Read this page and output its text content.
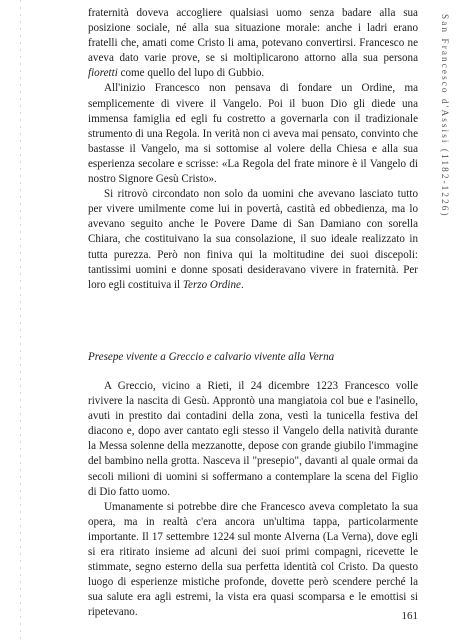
San Francesco d'Assisi (1182-1226)

fraternità doveva accogliere qualsiasi uomo senza badare alla sua posizione sociale, né alla sua situazione morale: anche i ladri erano fratelli che, amati come Cristo li ama, potevano convertirsi. Francesco ne aveva dato varie prove, se si moltiplicarono attorno alla sua persona fioretti come quello del lupo di Gubbio.

All'inizio Francesco non pensava di fondare un Ordine, ma semplicemente di vivere il Vangelo. Poi il buon Dio gli diede una immensa famiglia ed egli fu costretto a governarla con il tradizionale strumento di una Regola. In verità non ci aveva mai pensato, convinto che bastasse il Vangelo, ma si sottomise al volere della Chiesa e alla sua esperienza secolare e scrisse: «La Regola del frate minore è il Vangelo di nostro Signore Gesù Cristo».

Si ritrovò circondato non solo da uomini che avevano lasciato tutto per vivere umilmente come lui in povertà, castità ed obbedienza, ma lo avevano seguito anche le Povere Dame di San Damiano con sorella Chiara, che costituivano la sua consolazione, il suo ideale realizzato in tutta purezza. Però non finiva qui la moltitudine dei suoi discepoli: tantissimi uomini e donne sposati desideravano vivere in fraternità. Per loro egli costituiva il Terzo Ordine.

Presepe vivente a Greccio e calvario vivente alla Verna

A Greccio, vicino a Rieti, il 24 dicembre 1223 Francesco volle rivivere la nascita di Gesù. Approntò una mangiatoia col bue e l'asinello, avuti in prestito dai contadini della zona, vestì la tunicella festiva del diacono e, dopo aver cantato egli stesso il Vangelo della natività durante la Messa solenne della mezzanotte, depose con grande giubilo l'immagine del bambino nella grotta. Nasceva il "presepio", davanti al quale ormai da secoli milioni di uomini si soffermano a contemplare la scena del Figlio di Dio fatto uomo.

Umanamente si potrebbe dire che Francesco aveva completato la sua opera, ma in realtà c'era ancora un'ultima tappa, particolarmente importante. Il 17 settembre 1224 sul monte Alverna (La Verna), dove egli si era ritirato insieme ad alcuni dei suoi primi compagni, ricevette le stimmate, segno esterno della sua perfetta identità col Cristo. Da questo luogo di esperienze mistiche profonde, dovette però scendere perché la sua salute era agli estremi, la vista era quasi scomparsa e le emottisi si ripetevano.	161
